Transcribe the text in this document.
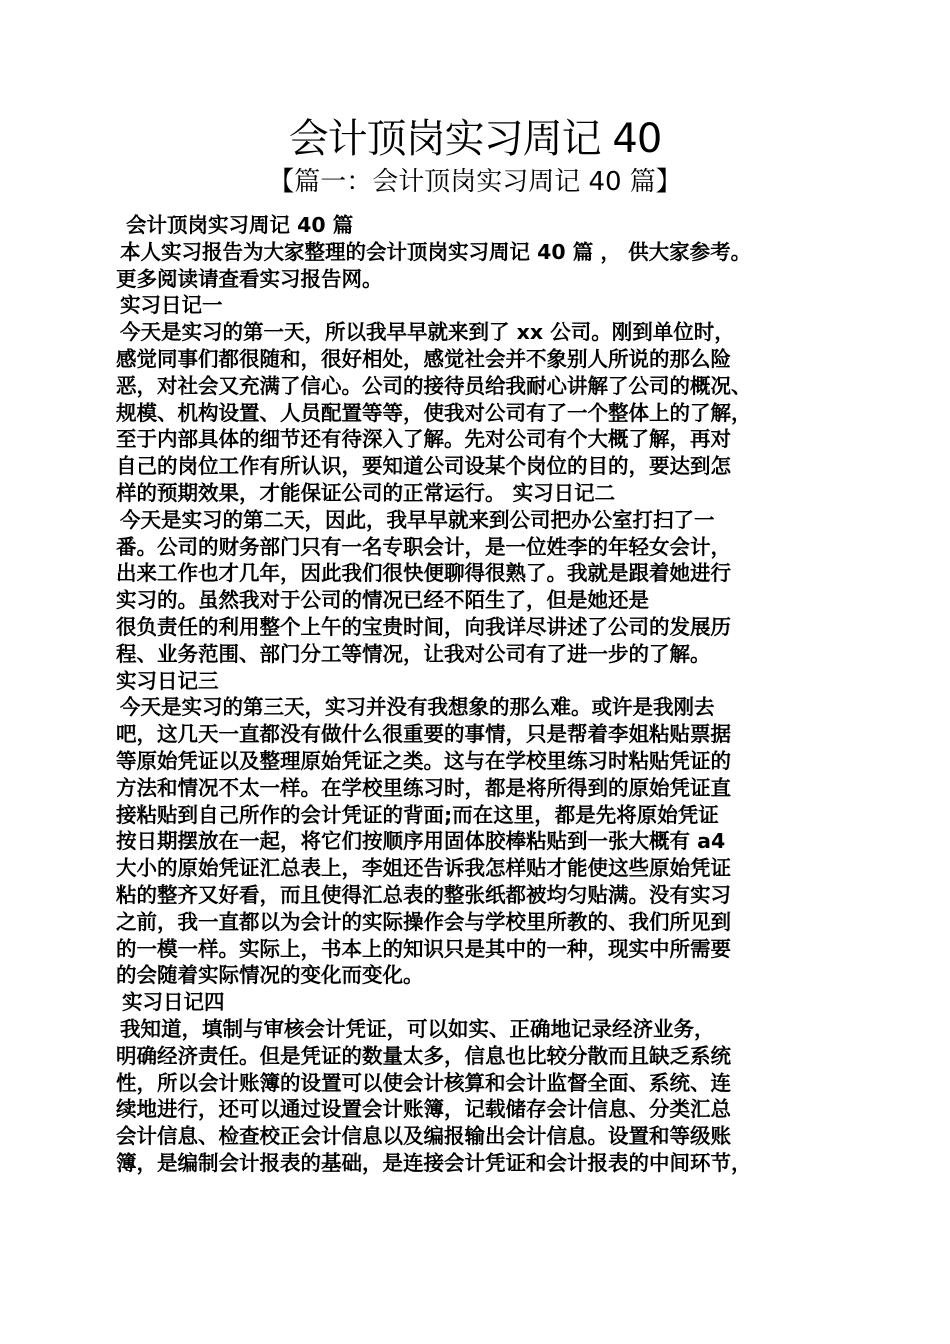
会计顶岗实习周记 40
【篇一：会计顶岗实习周记 40 篇】

会计顶岗实习周记 40 篇

本人实习报告为大家整理的会计顶岗实习周记 40 篇 ， 供大家参考。

更多阅读请查看实习报告网。

实习日记一

今天是实习的第一天，所以我早早就来到了 xx 公司。刚到单位时，

感觉同事们都很随和，很好相处，感觉社会并不象别人所说的那么险

恶，对社会又充满了信心。公司的接待员给我耐心讲解了公司的概况、

规模、机构设置、人员配置等等，使我对公司有了一个整体上的了解，

至于内部具体的细节还有待深入了解。先对公司有个大概了解，再对

自己的岗位工作有所认识，要知道公司设某个岗位的目的，要达到怎

样的预期效果，才能保证公司的正常运行。 实习日记二

今天是实习的第二天，因此，我早早就来到公司把办公室打扫了一

番。公司的财务部门只有一名专职会计，是一位姓李的年轻女会计，

出来工作也才几年，因此我们很快便聊得很熟了。我就是跟着她进行

实习的。虽然我对于公司的情况已经不陌生了，但是她还是

很负责任的利用整个上午的宝贵时间，向我详尽讲述了公司的发展历

程、业务范围、部门分工等情况，让我对公司有了进一步的了解。

实习日记三

今天是实习的第三天，实习并没有我想象的那么难。或许是我刚去

吧，这几天一直都没有做什么很重要的事情，只是帮着李姐粘贴票据

等原始凭证以及整理原始凭证之类。这与在学校里练习时粘贴凭证的

方法和情况不太一样。在学校里练习时，都是将所得到的原始凭证直

接粘贴到自己所作的会计凭证的背面;而在这里，都是先将原始凭证

按日期摆放在一起，将它们按顺序用固体胶棒粘贴到一张大概有 a4

大小的原始凭证汇总表上，李姐还告诉我怎样贴才能使这些原始凭证

粘的整齐又好看，而且使得汇总表的整张纸都被均匀贴满。没有实习

之前，我一直都以为会计的实际操作会与学校里所教的、我们所见到

的一模一样。实际上，书本上的知识只是其中的一种，现实中所需要

的会随着实际情况的变化而变化。

实习日记四

我知道，填制与审核会计凭证，可以如实、正确地记录经济业务，

明确经济责任。但是凭证的数量太多，信息也比较分散而且缺乏系统

性，所以会计账簿的设置可以使会计核算和会计监督全面、系统、连

续地进行，还可以通过设置会计账簿，记载储存会计信息、分类汇总

会计信息、检查校正会计信息以及编报输出会计信息。设置和等级账

簿，是编制会计报表的基础，是连接会计凭证和会计报表的中间环节，
